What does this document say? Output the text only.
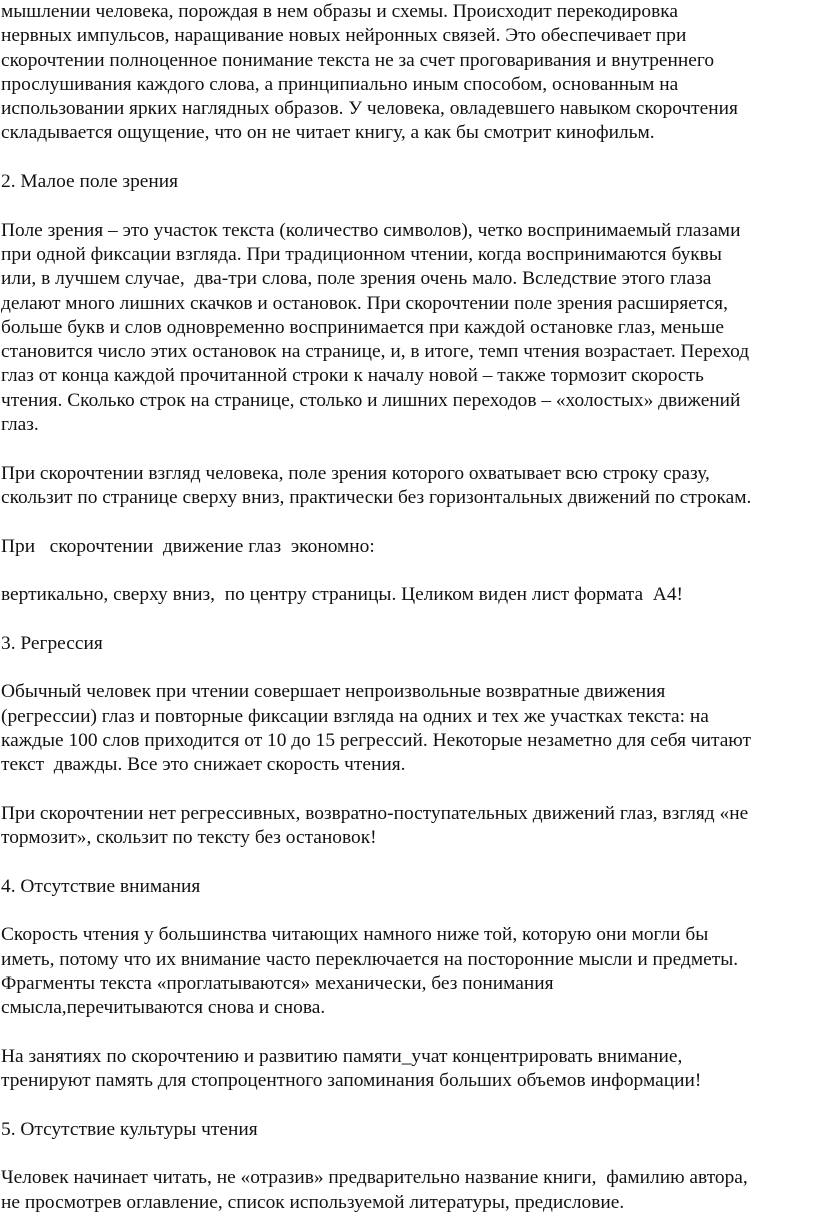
мышлении человека, порождая в нем образы и схемы. Происходит перекодировка
нервных импульсов, наращивание новых нейронных связей. Это обеспечивает при
скорочтении полноценное понимание текста не за счет проговаривания и внутреннего
прослушивания каждого слова, а принципиально иным способом, основанным на
использовании ярких наглядных образов. У человека, овладевшего навыком скорочтения
складывается ощущение, что он не читает книгу, а как бы смотрит кинофильм.

2. Малое поле зрения

Поле зрения – это участок текста (количество символов), четко воспринимаемый глазами
при одной фиксации взгляда. При традиционном чтении, когда воспринимаются буквы
или, в лучшем случае,  два-три слова, поле зрения очень мало. Вследствие этого глаза
делают много лишних скачков и остановок. При скорочтении поле зрения расширяется,
больше букв и слов одновременно воспринимается при каждой остановке глаз, меньше
становится число этих остановок на странице, и, в итоге, темп чтения возрастает. Переход
глаз от конца каждой прочитанной строки к началу новой – также тормозит скорость
чтения. Сколько строк на странице, столько и лишних переходов – «холостых» движений
глаз.

При скорочтении взгляд человека, поле зрения которого охватывает всю строку сразу,
скользит по странице сверху вниз, практически без горизонтальных движений по строкам.

При   скорочтении  движение глаз  экономно:

вертикально, сверху вниз,  по центру страницы. Целиком виден лист формата  А4!

3. Регрессия

Обычный человек при чтении совершает непроизвольные возвратные движения
(регрессии) глаз и повторные фиксации взгляда на одних и тех же участках текста: на
каждые 100 слов приходится от 10 до 15 регрессий. Некоторые незаметно для себя читают
текст  дважды. Все это снижает скорость чтения.

При скорочтении нет регрессивных, возвратно-поступательных движений глаз, взгляд «не
тормозит», скользит по тексту без остановок!

4. Отсутствие внимания

Скорость чтения у большинства читающих намного ниже той, которую они могли бы
иметь, потому что их внимание часто переключается на посторонние мысли и предметы.
Фрагменты текста «проглатываются» механически, без понимания
смысла,перечитываются снова и снова.

На занятиях по скорочтению и развитию памяти_учат концентрировать внимание,
тренируют память для стопроцентного запоминания больших объемов информации!

5. Отсутствие культуры чтения

Человек начинает читать, не «отразив» предварительно название книги,  фамилию автора,
не просмотрев оглавление, список используемой литературы, предисловие.
